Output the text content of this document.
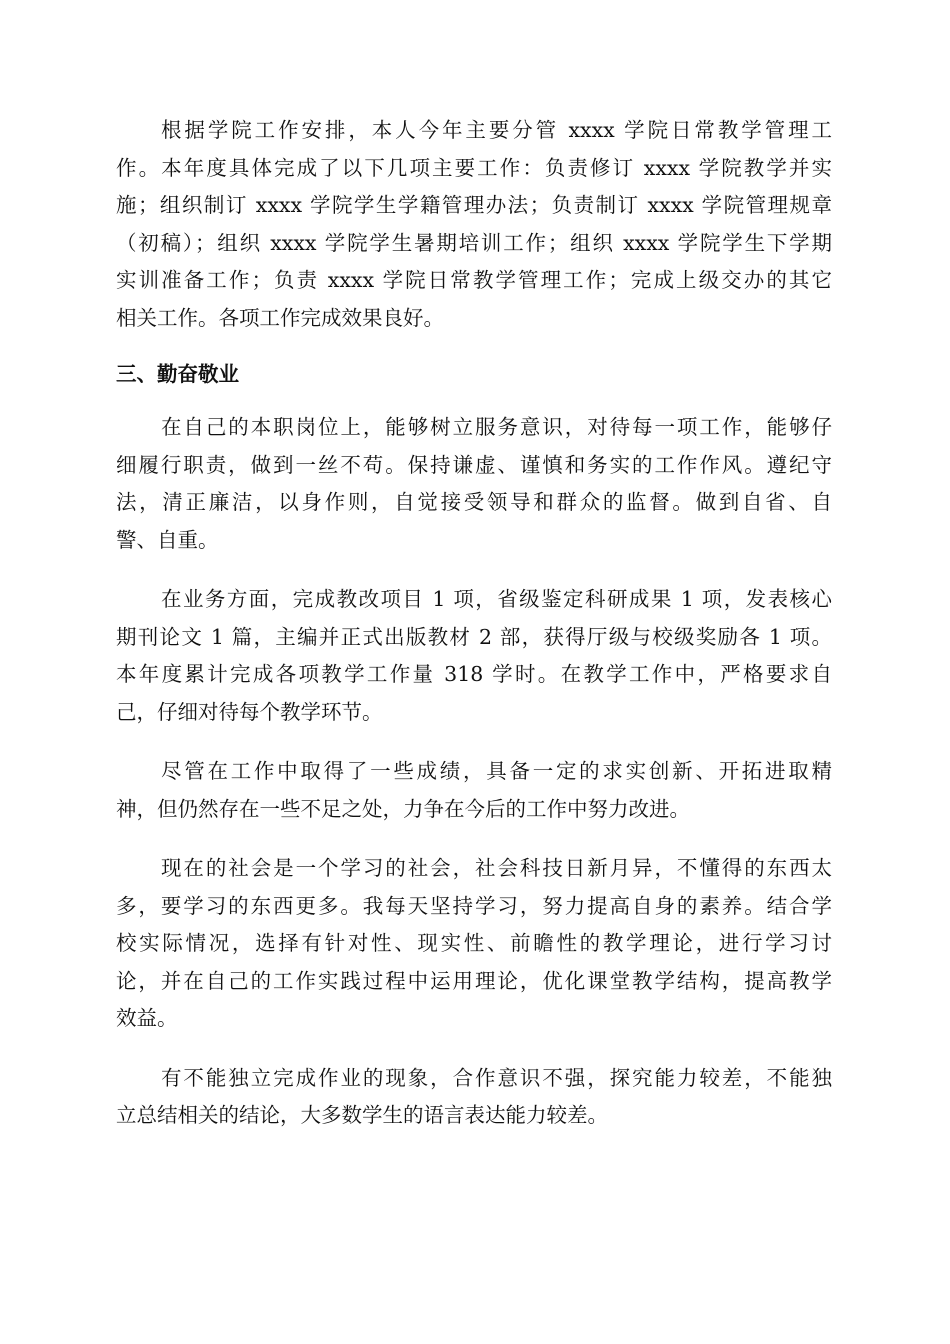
根据学院工作安排，本人今年主要分管 xxxx 学院日常教学管理工
作。本年度具体完成了以下几项主要工作：负责修订 xxxx 学院教学并实
施；组织制订 xxxx 学院学生学籍管理办法；负责制订 xxxx 学院管理规章
（初稿）；组织 xxxx 学院学生暑期培训工作；组织 xxxx 学院学生下学期
实训准备工作；负责 xxxx 学院日常教学管理工作；完成上级交办的其它
相关工作。各项工作完成效果良好。
三、勤奋敬业
在自己的本职岗位上，能够树立服务意识，对待每一项工作，能够仔
细履行职责，做到一丝不苟。保持谦虚、谨慎和务实的工作作风。遵纪守
法，清正廉洁，以身作则，自觉接受领导和群众的监督。做到自省、自
警、自重。
在业务方面，完成教改项目 1 项，省级鉴定科研成果 1 项，发表核心
期刊论文 1 篇，主编并正式出版教材 2 部，获得厅级与校级奖励各 1 项。
本年度累计完成各项教学工作量 318 学时。在教学工作中，严格要求自
己，仔细对待每个教学环节。
尽管在工作中取得了一些成绩，具备一定的求实创新、开拓进取精
神，但仍然存在一些不足之处，力争在今后的工作中努力改进。
现在的社会是一个学习的社会，社会科技日新月异，不懂得的东西太
多，要学习的东西更多。我每天坚持学习，努力提高自身的素养。结合学
校实际情况，选择有针对性、现实性、前瞻性的教学理论，进行学习讨
论，并在自己的工作实践过程中运用理论，优化课堂教学结构，提高教学
效益。
有不能独立完成作业的现象，合作意识不强，探究能力较差，不能独
立总结相关的结论，大多数学生的语言表达能力较差。
